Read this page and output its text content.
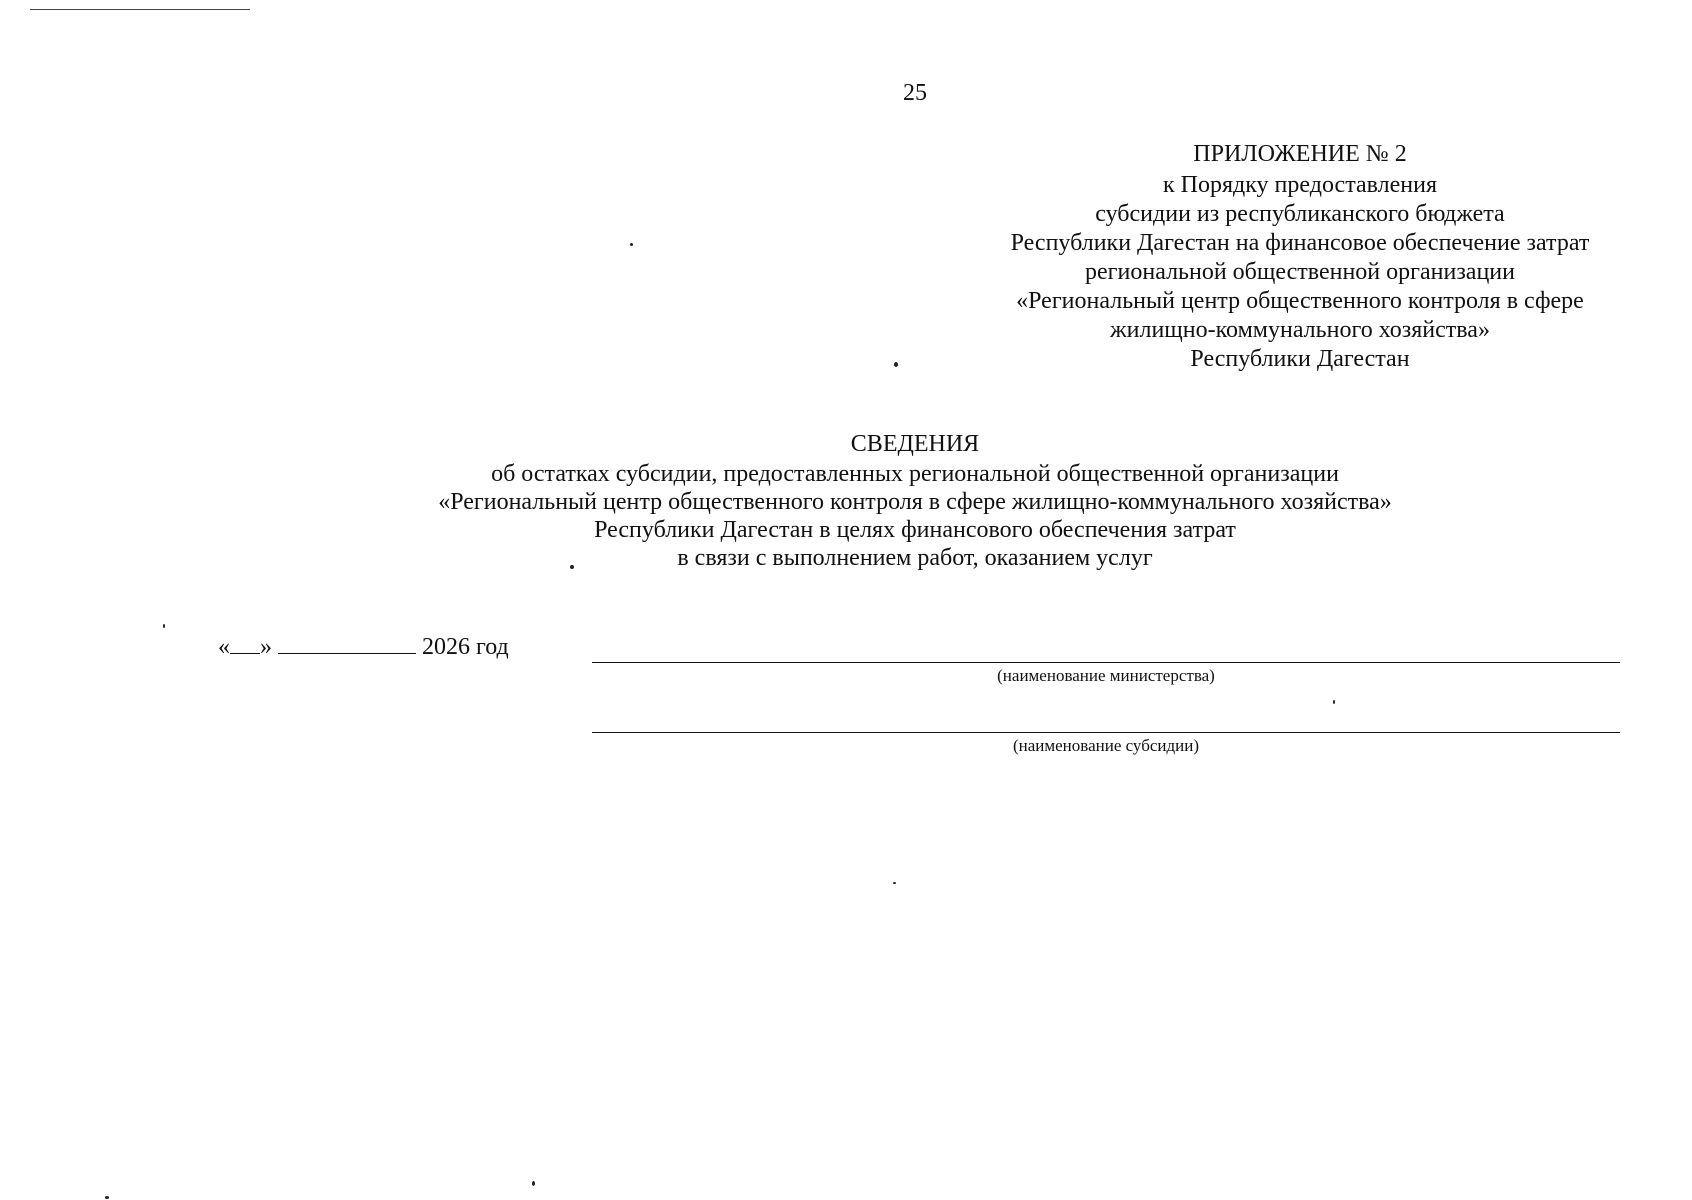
25
ПРИЛОЖЕНИЕ № 2
к Порядку предоставления
субсидии из республиканского бюджета
Республики Дагестан на финансовое обеспечение затрат
региональной общественной организации
«Региональный центр общественного контроля в сфере
жилищно-коммунального хозяйства»
Республики Дагестан
СВЕДЕНИЯ
об остатках субсидии, предоставленных региональной общественной организации
«Региональный центр общественного контроля в сфере жилищно-коммунального хозяйства»
Республики Дагестан в целях финансового обеспечения затрат
в связи с выполнением работ, оказанием услуг
« »	2026 год
(наименование министерства)
(наименование субсидии)
